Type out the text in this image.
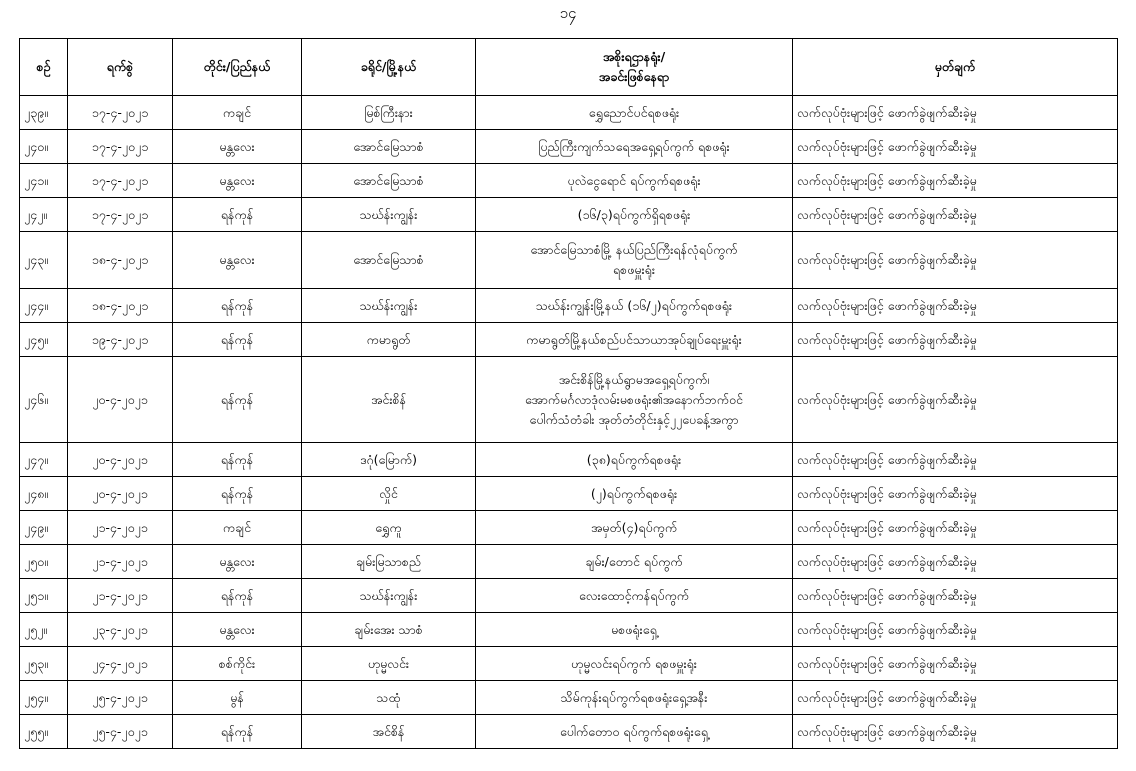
၁၄
စဉ်	ရက်စွဲ	တိုင်း/ပြည်နယ်	ခရိုင်/မြို့နယ်	အစိုးရဌာနရုံး/
အခင်းဖြစ်နေရာ	မှတ်ချက်
၂၃၉။	၁၇-၄-၂၀၂၁	ကချင်	မြစ်ကြီးနား	ရွှေညောင်ပင်ရစဖရုံး	လက်လုပ်ဗုံးများဖြင့် ဖောက်ခွဲဖျက်ဆီးခဲ့မှု
၂၄၀။	၁၇-၄-၂၀၂၁	မန္တလေး	အောင်မြေသာစံ	ပြည်ကြီးကျက်သရေအရှေ့ရပ်ကွက် ရစဖရုံး	လက်လုပ်ဗုံးများဖြင့် ဖောက်ခွဲဖျက်ဆီးခဲ့မှု
၂၄၁။	၁၇-၄-၂၀၂၁	မန္တလေး	အောင်မြေသာစံ	ပုလဲငွေရောင် ရပ်ကွက်ရစဖရုံး	လက်လုပ်ဗုံးများဖြင့် ဖောက်ခွဲဖျက်ဆီးခဲ့မှု
၂၄၂။	၁၇-၄-၂၀၂၁	ရန်ကုန်	သဃ်န်းကျွန်း	(၁၆/၃)ရပ်ကွက်ရှိရစဖရုံး	လက်လုပ်ဗုံးများဖြင့် ဖောက်ခွဲဖျက်ဆီးခဲ့မှု
၂၄၃။	၁၈-၄-၂၀၂၁	မန္တလေး	အောင်မြေသာစံ	အောင်မြေသာစံမြို့ နယ်ပြည်ကြီးရန်လုံရပ်ကွက်
ရစဖမှူးရုံး	လက်လုပ်ဗုံးများဖြင့် ဖောက်ခွဲဖျက်ဆီးခဲ့မှု
၂၄၄။	၁၈-၄-၂၀၂၁	ရန်ကုန်	သဃ်န်းကျွန်း	သဃ်န်းကျွန်းမြို့နယ် (၁၆/၂)ရပ်ကွက်ရစဖရုံး	လက်လုပ်ဗုံးများဖြင့် ဖောက်ခွဲဖျက်ဆီးခဲ့မှု
၂၄၅။	၁၉-၄-၂၀၂၁	ရန်ကုန်	ကမာရွတ်	ကမာရွတ်မြို့နယ်စည်ပင်သာယာအုပ်ချုပ်ရေးမှူးရုံး	လက်လုပ်ဗုံးများဖြင့် ဖောက်ခွဲဖျက်ဆီးခဲ့မှု
၂၄၆။	၂၀-၄-၂၀၂၁	ရန်ကုန်	အင်းစိန်	အင်းစိန်မြို့နယ်ရွာမအရှေ့ရပ်ကွက်၊
အောက်မင်္ဂလာဒုံလမ်းမစဖရုံး၏အနောက်ဘက်ဝင်
ပေါက်သံတံခါး အုတ်တံတိုင်းနှင့်၂၂ပေခန့်အကွာ	လက်လုပ်ဗုံးများဖြင့် ဖောက်ခွဲဖျက်ဆီးခဲ့မှု
၂၄၇။	၂၀-၄-၂၀၂၁	ရန်ကုန်	ဒဂုံ(မြောက်)	(၃၈)ရပ်ကွက်ရစဖရုံး	လက်လုပ်ဗုံးများဖြင့် ဖောက်ခွဲဖျက်ဆီးခဲ့မှု
၂၄၈။	၂၀-၄-၂၀၂၁	ရန်ကုန်	လှိုင်	(၂)ရပ်ကွက်ရစဖရုံး	လက်လုပ်ဗုံးများဖြင့် ဖောက်ခွဲဖျက်ဆီးခဲ့မှု
၂၄၉။	၂၁-၄-၂၀၂၁	ကချင်	ရွှေကူ	အမှတ်(၄)ရပ်ကွက်	လက်လုပ်ဗုံးများဖြင့် ဖောက်ခွဲဖျက်ဆီးခဲ့မှု
၂၅၀။	၂၁-၄-၂၀၂၁	မန္တလေး	ချမ်းမြသာစည်	ချမ်း/တောင် ရပ်ကွက်	လက်လုပ်ဗုံးများဖြင့် ဖောက်ခွဲဖျက်ဆီးခဲ့မှု
၂၅၁။	၂၁-၄-၂၀၂၁	ရန်ကုန်	သဃ်န်းကျွန်း	လေးထောင့်ကန်ရပ်ကွက်	လက်လုပ်ဗုံးများဖြင့် ဖောက်ခွဲဖျက်ဆီးခဲ့မှု
၂၅၂။	၂၃-၄-၂၀၂၁	မန္တလေး	ချမ်းအေး သာစံ	မစဖရုံးရှေ့	လက်လုပ်ဗုံးများဖြင့် ဖောက်ခွဲဖျက်ဆီးခဲ့မှု
၂၅၃။	၂၄-၄-၂၀၂၁	စစ်ကိုင်း	ဟုမ္မလင်း	ဟုမ္မလင်းရပ်ကွက် ရစဖမှူးရုံး	လက်လုပ်ဗုံးများဖြင့် ဖောက်ခွဲဖျက်ဆီးခဲ့မှု
၂၅၄။	၂၅-၄-၂၀၂၁	မွန်	သထုံ	သိမ်ကုန်းရပ်ကွက်ရစဖရုံးရှေ့အနီး	လက်လုပ်ဗုံးများဖြင့် ဖောက်ခွဲဖျက်ဆီးခဲ့မှု
၂၅၅။	၂၅-၄-၂၀၂၁	ရန်ကုန်	အင်စိန်	ပေါက်တောဝ ရပ်ကွက်ရစဖရုံးရှေ့	လက်လုပ်ဗုံးများဖြင့် ဖောက်ခွဲဖျက်ဆီးခဲ့မှု
